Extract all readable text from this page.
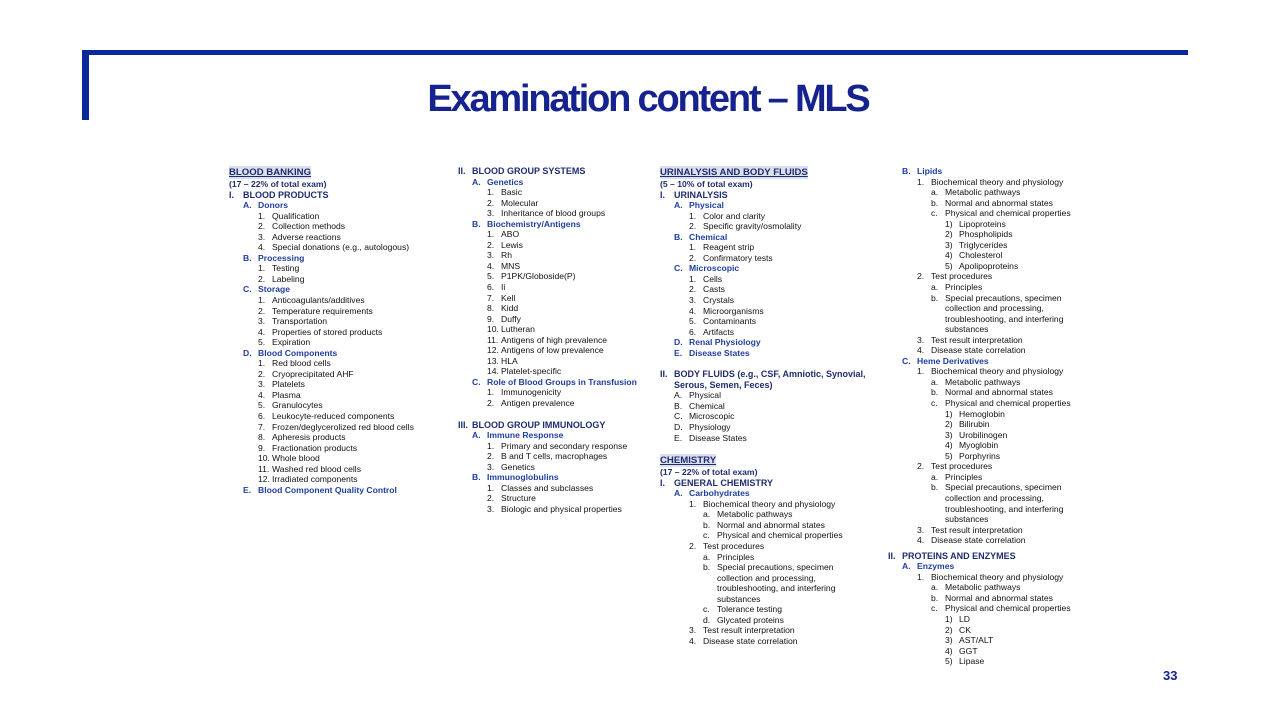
Examination content – MLS
BLOOD BANKING
(17 – 22% of total exam)
I. BLOOD PRODUCTS
A. Donors
1. Qualification
2. Collection methods
3. Adverse reactions
4. Special donations (e.g., autologous)
B. Processing
1. Testing
2. Labeling
C. Storage
1. Anticoagulants/additives
2. Temperature requirements
3. Transportation
4. Properties of stored products
5. Expiration
D. Blood Components
1. Red blood cells
2. Cryoprecipitated AHF
3. Platelets
4. Plasma
5. Granulocytes
6. Leukocyte-reduced components
7. Frozen/deglycerolized red blood cells
8. Apheresis products
9. Fractionation products
10. Whole blood
11. Washed red blood cells
12. Irradiated components
E. Blood Component Quality Control
II. BLOOD GROUP SYSTEMS
A. Genetics
1. Basic
2. Molecular
3. Inheritance of blood groups
B. Biochemistry/Antigens
1. ABO
2. Lewis
3. Rh
4. MNS
5. P1PK/Globoside(P)
6. Ii
7. Kell
8. Kidd
9. Duffy
10. Lutheran
11. Antigens of high prevalence
12. Antigens of low prevalence
13. HLA
14. Platelet-specific
C. Role of Blood Groups in Transfusion
1. Immunogenicity
2. Antigen prevalence
III. BLOOD GROUP IMMUNOLOGY
A. Immune Response
1. Primary and secondary response
2. B and T cells, macrophages
3. Genetics
B. Immunoglobulins
1. Classes and subclasses
2. Structure
3. Biologic and physical properties
URINALYSIS AND BODY FLUIDS
(5 – 10% of total exam)
I. URINALYSIS
A. Physical
1. Color and clarity
2. Specific gravity/osmolality
B. Chemical
1. Reagent strip
2. Confirmatory tests
C. Microscopic
1. Cells
2. Casts
3. Crystals
4. Microorganisms
5. Contaminants
6. Artifacts
D. Renal Physiology
E. Disease States
II. BODY FLUIDS (e.g., CSF, Amniotic, Synovial,
Serous, Semen, Feces)
A. Physical
B. Chemical
C. Microscopic
D. Physiology
E. Disease States
CHEMISTRY
(17 – 22% of total exam)
I. GENERAL CHEMISTRY
A. Carbohydrates
1. Biochemical theory and physiology
a. Metabolic pathways
b. Normal and abnormal states
c. Physical and chemical properties
2. Test procedures
a. Principles
b. Special precautions, specimen
collection and processing,
troubleshooting, and interfering
substances
c. Tolerance testing
d. Glycated proteins
3. Test result interpretation
4. Disease state correlation
B. Lipids
1. Biochemical theory and physiology
a. Metabolic pathways
b. Normal and abnormal states
c. Physical and chemical properties
1) Lipoproteins
2) Phospholipids
3) Triglycerides
4) Cholesterol
5) Apolipoproteins
2. Test procedures
a. Principles
b. Special precautions, specimen
collection and processing,
troubleshooting, and interfering
substances
3. Test result interpretation
4. Disease state correlation
C. Heme Derivatives
1. Biochemical theory and physiology
a. Metabolic pathways
b. Normal and abnormal states
c. Physical and chemical properties
1) Hemoglobin
2) Bilirubin
3) Urobilinogen
4) Myoglobin
5) Porphyrins
2. Test procedures
a. Principles
b. Special precautions, specimen
collection and processing,
troubleshooting, and interfering
substances
3. Test result interpretation
4. Disease state correlation
II. PROTEINS AND ENZYMES
A. Enzymes
1. Biochemical theory and physiology
a. Metabolic pathways
b. Normal and abnormal states
c. Physical and chemical properties
1) LD
2) CK
3) AST/ALT
4) GGT
5) Lipase
33
